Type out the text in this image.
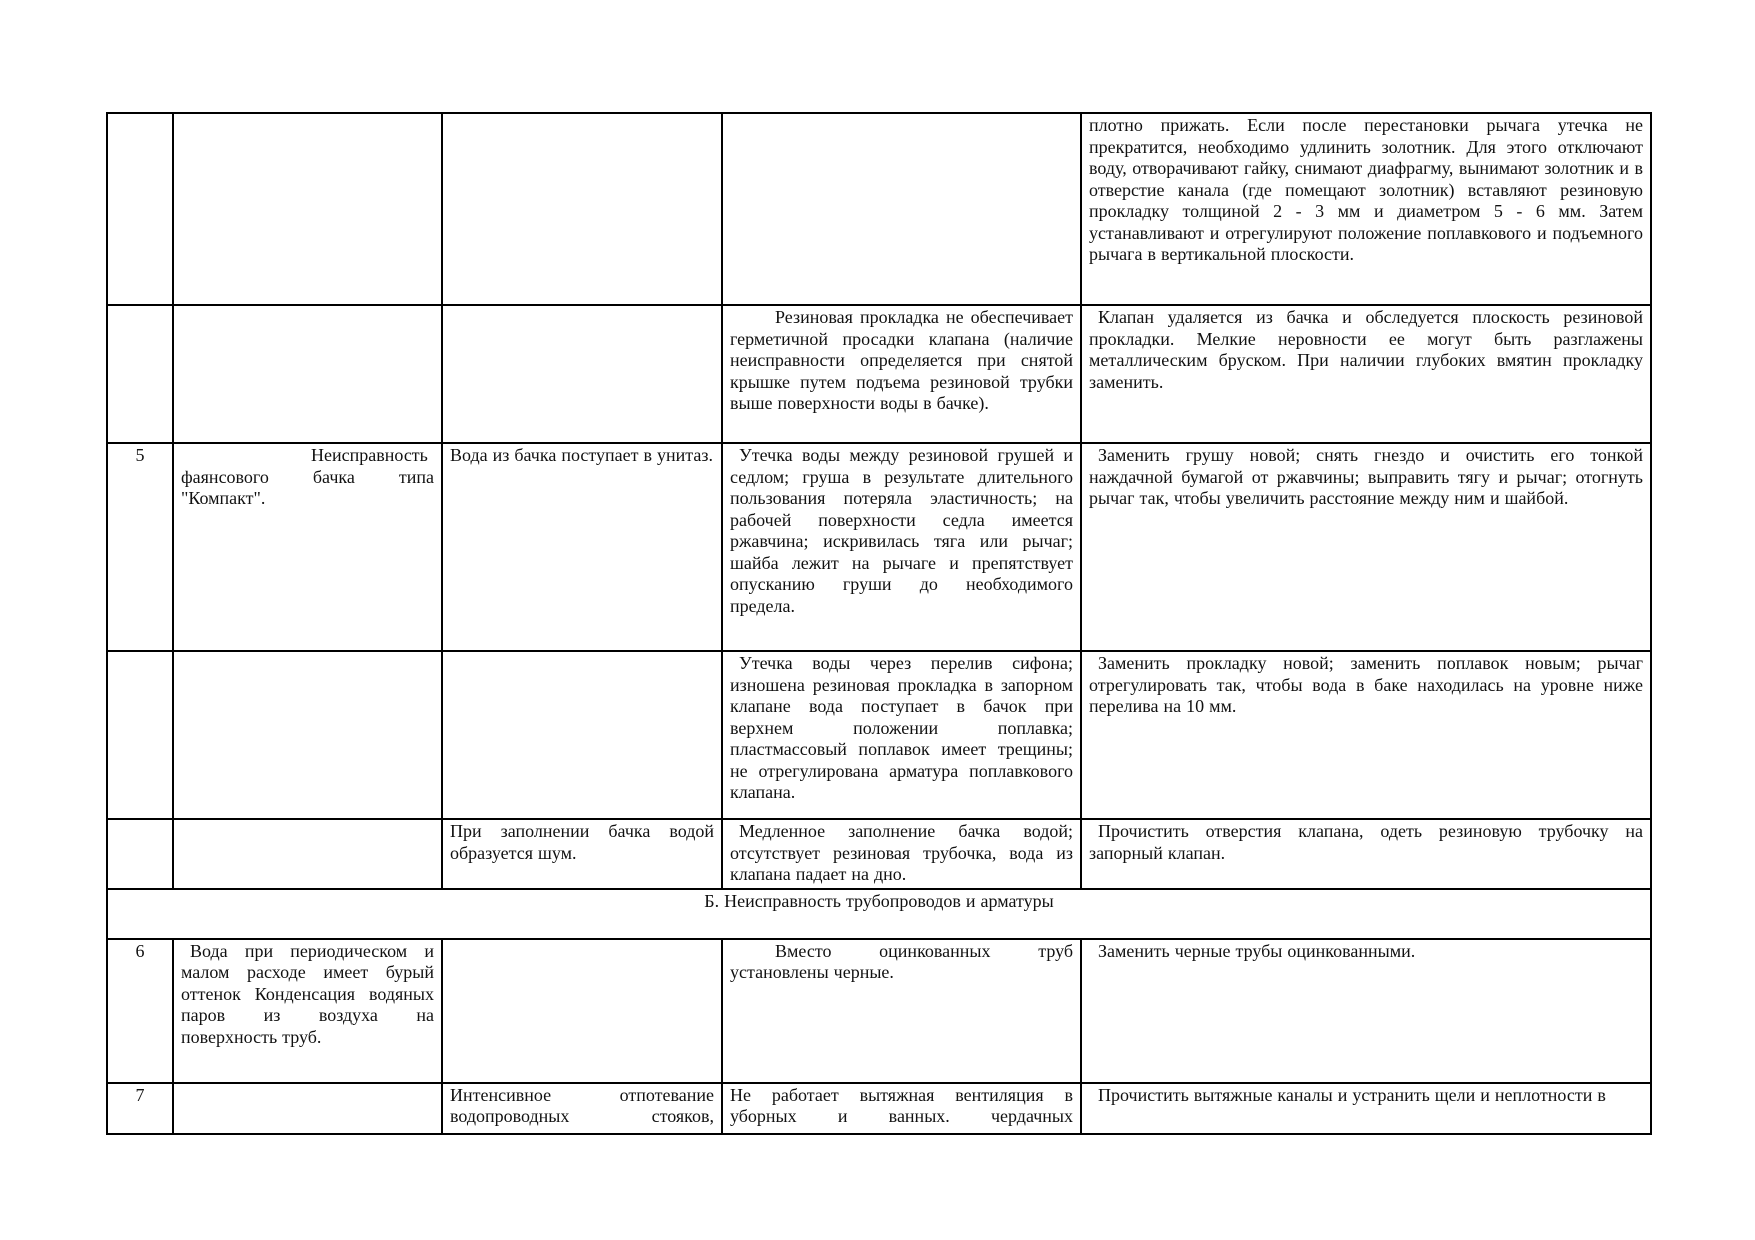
				плотно прижать. Если после перестановки рычага утечка не прекратится, необходимо удлинить золотник. Для этого отключают воду, отворачивают гайку, снимают диафрагму, вынимают золотник и в отверстие канала (где помещают золотник) вставляют резиновую прокладку толщиной 2 - 3 мм и диаметром 5 - 6 мм. Затем устанавливают и отрегулируют положение поплавкового и подъемного рычага в вертикальной плоскости.
			Резиновая прокладка не обеспечивает герметичной просадки клапана (наличие неисправности определяется при снятой крышке путем подъема резиновой трубки выше поверхности воды в бачке).	Клапан удаляется из бачка и обследуется плоскость резиновой прокладки. Мелкие неровности ее могут быть разглажены металлическим бруском. При наличии глубоких вмятин прокладку заменить.
5	Неисправность фаянсового бачка типа "Компакт".	Вода из бачка поступает в унитаз.	Утечка воды между резиновой грушей и седлом; груша в результате длительного пользования потеряла эластичность; на рабочей поверхности седла имеется ржавчина; искривилась тяга или рычаг; шайба лежит на рычаге и препятствует опусканию груши до необходимого предела.	Заменить грушу новой; снять гнездо и очистить его тонкой наждачной бумагой от ржавчины; выправить тягу и рычаг; отогнуть рычаг так, чтобы увеличить расстояние между ним и шайбой.
			Утечка воды через перелив сифона; изношена резиновая прокладка в запорном клапане вода поступает в бачок при верхнем положении поплавка; пластмассовый поплавок имеет трещины; не отрегулирована арматура поплавкового клапана.	Заменить прокладку новой; заменить поплавок новым; рычаг отрегулировать так, чтобы вода в баке находилась на уровне ниже перелива на 10 мм.
		При заполнении бачка водой образуется шум.	Медленное заполнение бачка водой; отсутствует резиновая трубочка, вода из клапана падает на дно.	Прочистить отверстия клапана, одеть резиновую трубочку на запорный клапан.
Б. Неисправность трубопроводов и арматуры				
6	Вода при периодическом и малом расходе имеет бурый оттенок Конденсация водяных паров из воздуха на поверхность труб.		Вместо оцинкованных труб установлены черные.	Заменить черные трубы оцинкованными.
7		Интенсивное отпотевание водопроводных стояков,	Не работает вытяжная вентиляция в уборных и ванных. чердачных	Прочистить вытяжные каналы и устранить щели и неплотности в
